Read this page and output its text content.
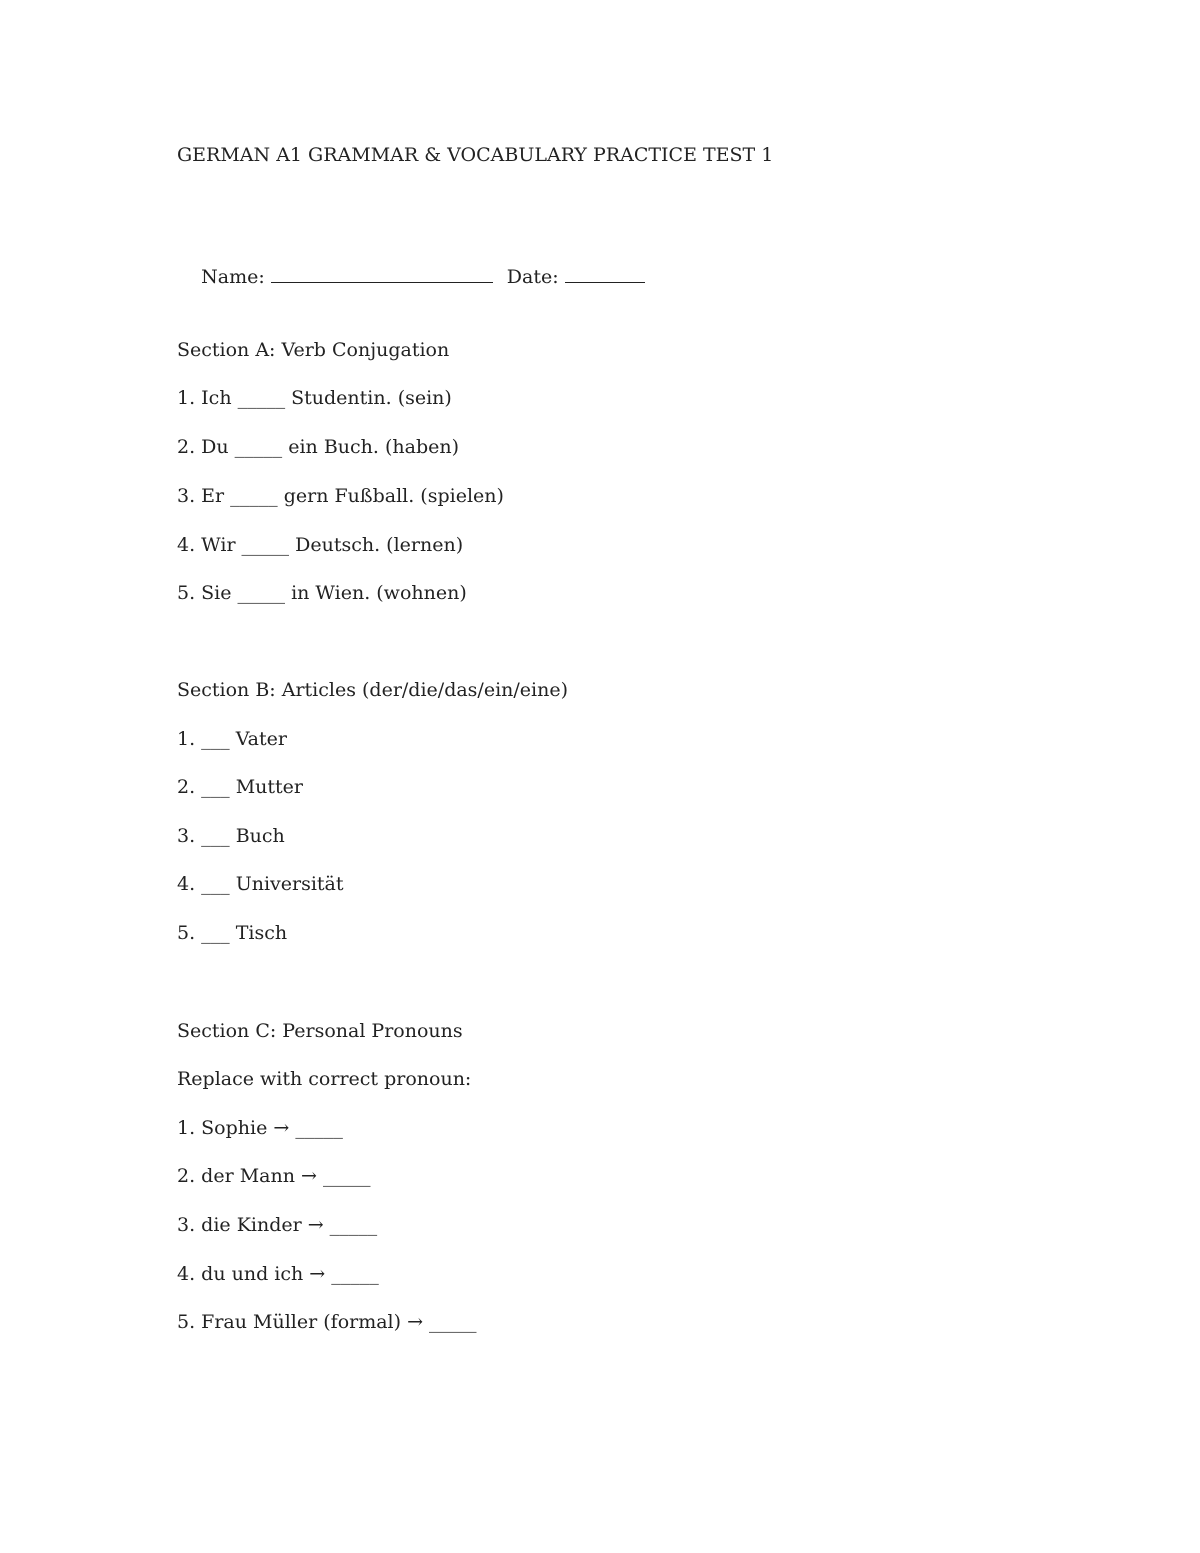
GERMAN A1 GRAMMAR & VOCABULARY PRACTICE TEST 1

Name:	Date:

Section A: Verb Conjugation
1. Ich _____ Studentin. (sein)
2. Du _____ ein Buch. (haben)
3. Er _____ gern Fußball. (spielen)
4. Wir _____ Deutsch. (lernen)
5. Sie _____ in Wien. (wohnen)
Section B: Articles (der/die/das/ein/eine)
1. ___ Vater
2. ___ Mutter
3. ___ Buch
4. ___ Universität
5. ___ Tisch
Section C: Personal Pronouns
Replace with correct pronoun:
1. Sophie → _____
2. der Mann → _____
3. die Kinder → _____
4. du und ich → _____
5. Frau Müller (formal) → _____
